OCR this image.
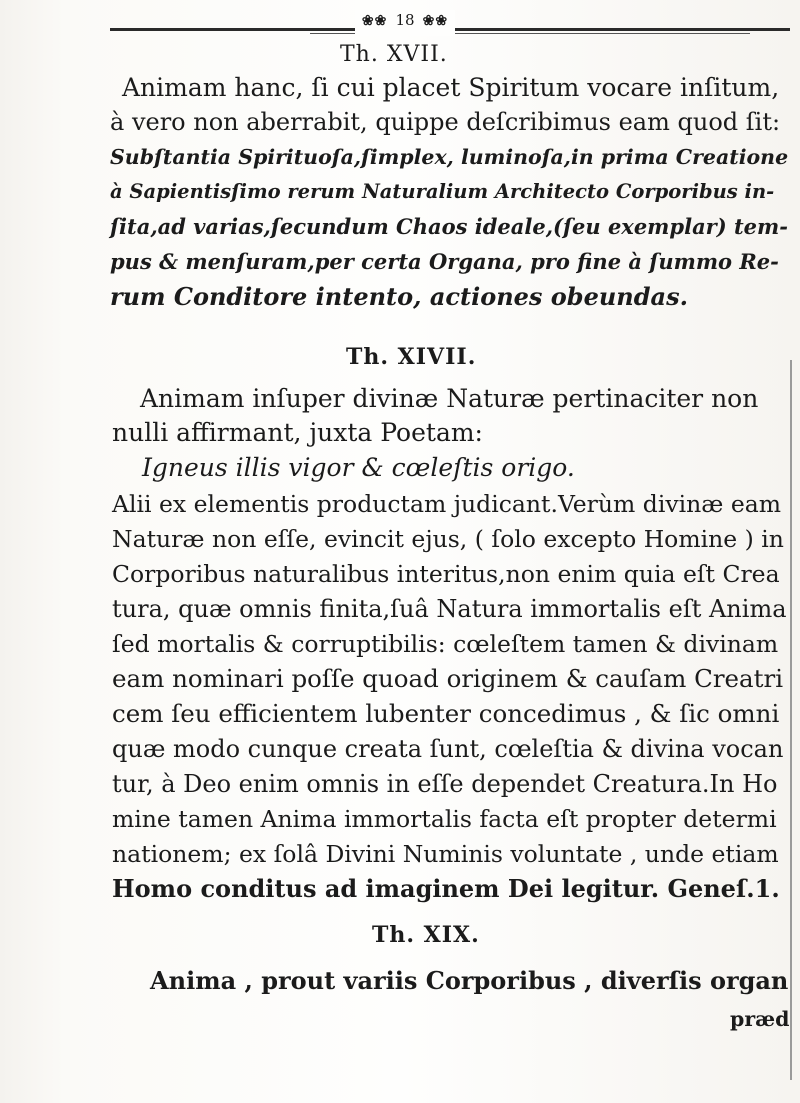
❀❀ 18 ❀❀
Th. XVII.
Animam hanc, ſi cui placet Spiritum vocare inſitum,
à vero non aberrabit, quippe deſcribimus eam quod ſit:
Subſtantia Spirituoſa,ſimplex, luminoſa,in prima Creatione
à Sapientisſimo rerum Naturalium Architecto Corporibus in-
ſita,ad varias,ſecundum Chaos ideale,(ſeu exemplar) tem-
pus & menſuram,per certa Organa, pro fine à ſummo Re-
rum Conditore intento, actiones obeundas.
Th. XIVII.
Animam inſuper divinæ Naturæ pertinaciter non
nulli affirmant, juxta Poetam:
Igneus illis vigor & cœleſtis origo.
Alii ex elementis productam judicant.Verùm divinæ eam
Naturæ non eſſe, evincit ejus, ( ſolo excepto Homine ) in
Corporibus naturalibus interitus,non enim quia eſt Crea
tura, quæ omnis finita,ſuâ Natura immortalis eſt Anima
ſed mortalis & corruptibilis: cœleſtem tamen & divinam
eam nominari poſſe quoad originem & cauſam Creatri
cem ſeu efficientem lubenter concedimus , & ſic omni
quæ modo cunque creata ſunt, cœleſtia & divina vocan
tur, à Deo enim omnis in eſſe dependet Creatura.In Ho
mine tamen Anima immortalis facta eſt propter determi
nationem; ex ſolâ Divini Numinis voluntate , unde etiam
Homo conditus ad imaginem Dei legitur. Geneſ.1.
Th. XIX.
Anima , prout variis Corporibus , diverſis organ
præd
